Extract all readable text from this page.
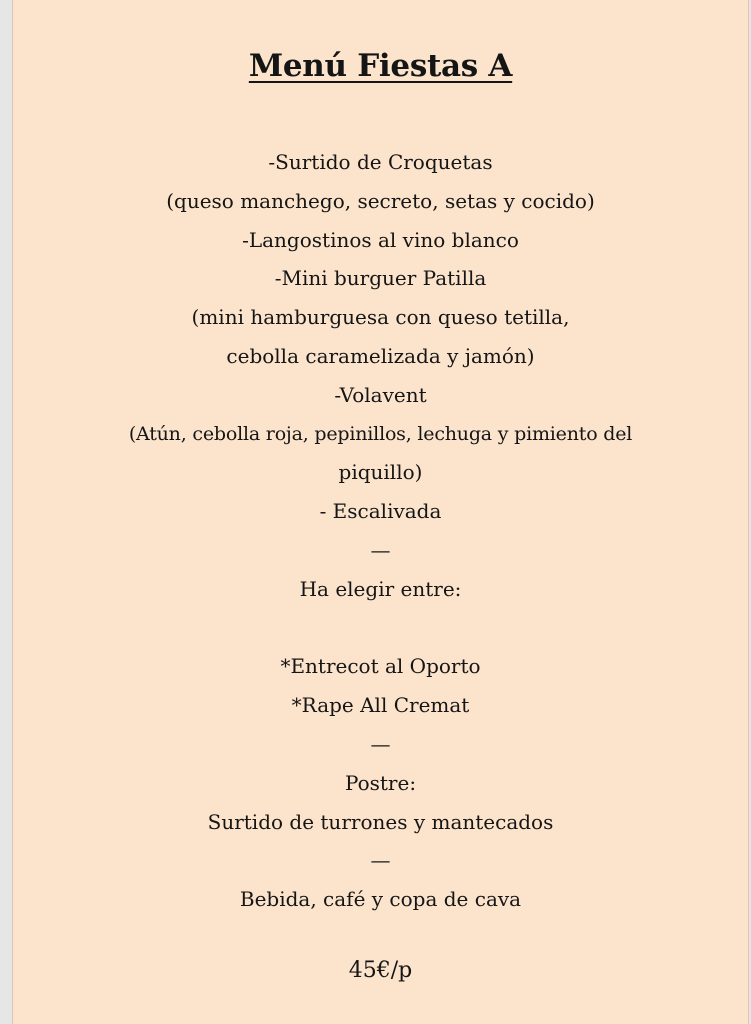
Menú Fiestas A
-Surtido de Croquetas
(queso manchego, secreto, setas y cocido)
-Langostinos al vino blanco
-Mini burguer Patilla
(mini hamburguesa con queso tetilla,
cebolla caramelizada y jamón)
-Volavent
(Atún, cebolla roja, pepinillos, lechuga y pimiento del
piquillo)
- Escalivada
—
Ha elegir entre:
*Entrecot al Oporto
*Rape All Cremat
—
Postre:
Surtido de turrones y mantecados
—
Bebida, café y copa de cava
45€/p
